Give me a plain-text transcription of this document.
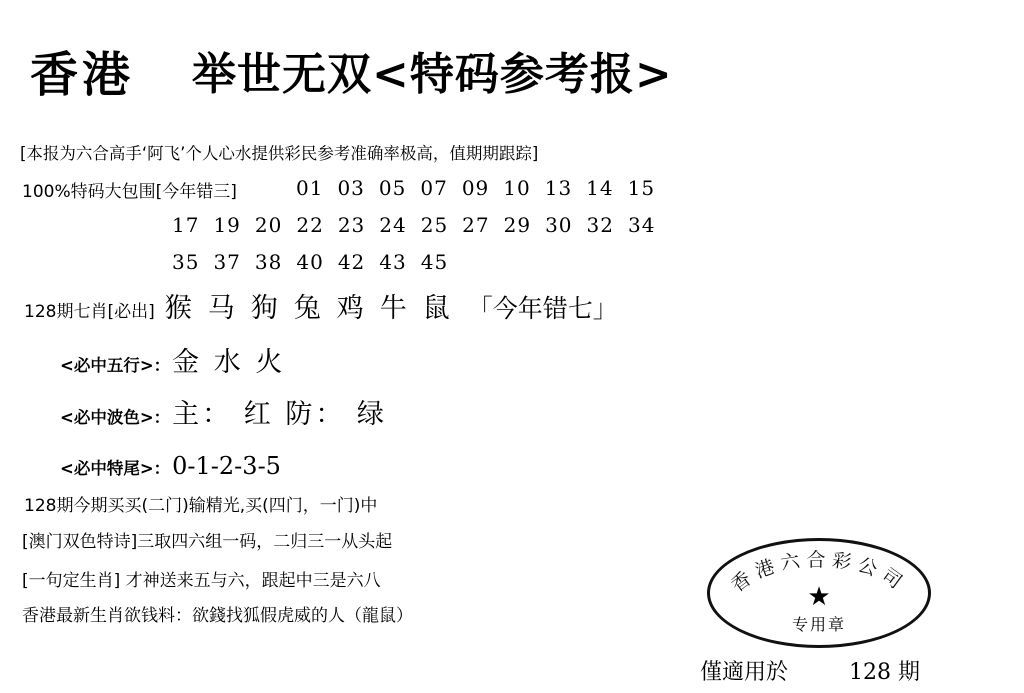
香港 举世无双<特码参考报>
[本报为六合高手‘阿飞’个人心水提供彩民参考准确率极高，值期期跟踪]
100%特码大包围[今年错三]	01 03 05 07 09 10 13 14 15
17 19 20 22 23 24 25 27 29 30 32 34
35 37 38 40 42 43 45
128期七肖[必出] 猴 马 狗 兔 鸡 牛 鼠 「今年错七」
<必中五行>： 金 水 火
<必中波色>： 主： 红 防： 绿
<必中特尾>： 0-1-2-3-5
128期今期买买(二门)输精光,买(四门，一门)中
[澳门双色特诗]三取四六组一码，二归三一从头起
[一句定生肖] 才神送来五与六，跟起中三是六八
香港最新生肖欲钱料：欲錢找狐假虎威的人（龍鼠）
香港六合彩公司
★
专用章
僅適用於	128 期
